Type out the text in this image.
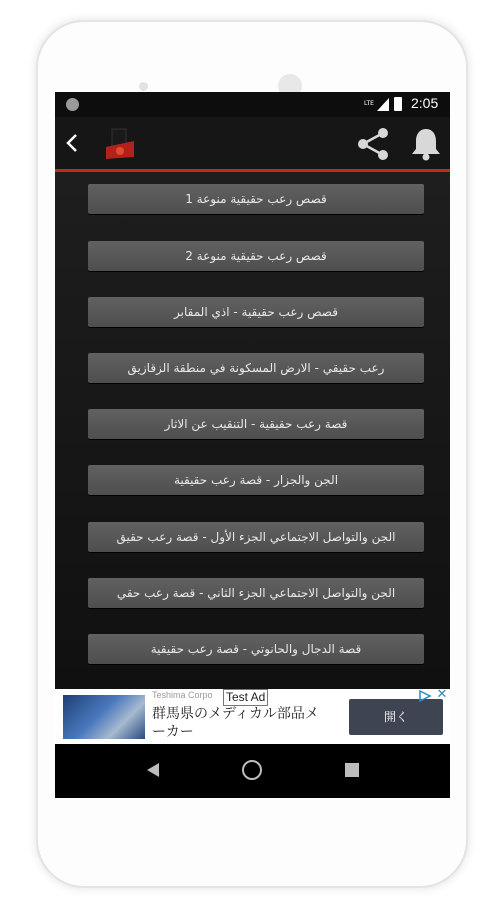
LTE	2:05
قصص رعب حقيقية منوعة 1
قصص رعب حقيقية منوعة 2
قصص رعب حقيقية - اذي المقابر
رعب حقيقي - الارض المسكونة في منطقة الزقازيق
قصة رعب حقيقية - التنقيب عن الاثار
الجن والجزار - قصة رعب حقيقية
الجن والتواصل الاجتماعي الجزء الأول - قصة رعب حقيق
الجن والتواصل الاجتماعي الجزء الثاني - قصة رعب حقي
قصة الدجال والحانوتي - قصة رعب حقيقية
Teshima Corpo Test Ad
群馬県のメディカル部品メーカー
開く
✕
